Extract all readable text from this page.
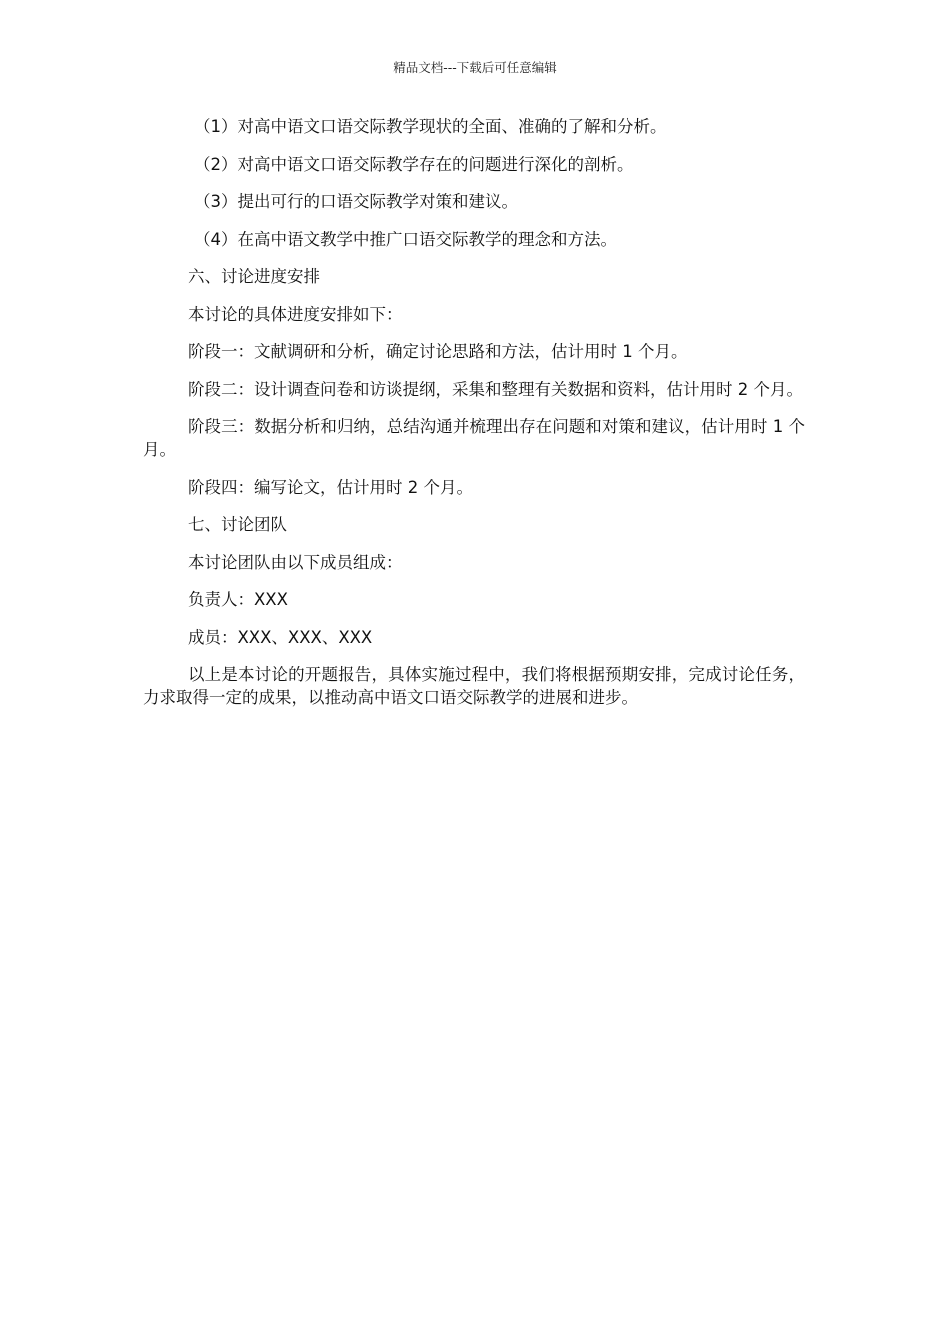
精品文档---下载后可任意编辑

（1）对高中语文口语交际教学现状的全面、准确的了解和分析。

（2）对高中语文口语交际教学存在的问题进行深化的剖析。

（3）提出可行的口语交际教学对策和建议。

（4）在高中语文教学中推广口语交际教学的理念和方法。

六、讨论进度安排

本讨论的具体进度安排如下：

阶段一：文献调研和分析，确定讨论思路和方法，估计用时 1 个月。

阶段二：设计调查问卷和访谈提纲，采集和整理有关数据和资料，估计用时 2 个月。

阶段三：数据分析和归纳，总结沟通并梳理出存在问题和对策和建议，估计用时 1 个月。

阶段四：编写论文，估计用时 2 个月。

七、讨论团队

本讨论团队由以下成员组成：

负责人：XXX

成员：XXX、XXX、XXX

以上是本讨论的开题报告，具体实施过程中，我们将根据预期安排，完成讨论任务，力求取得一定的成果，以推动高中语文口语交际教学的进展和进步。
